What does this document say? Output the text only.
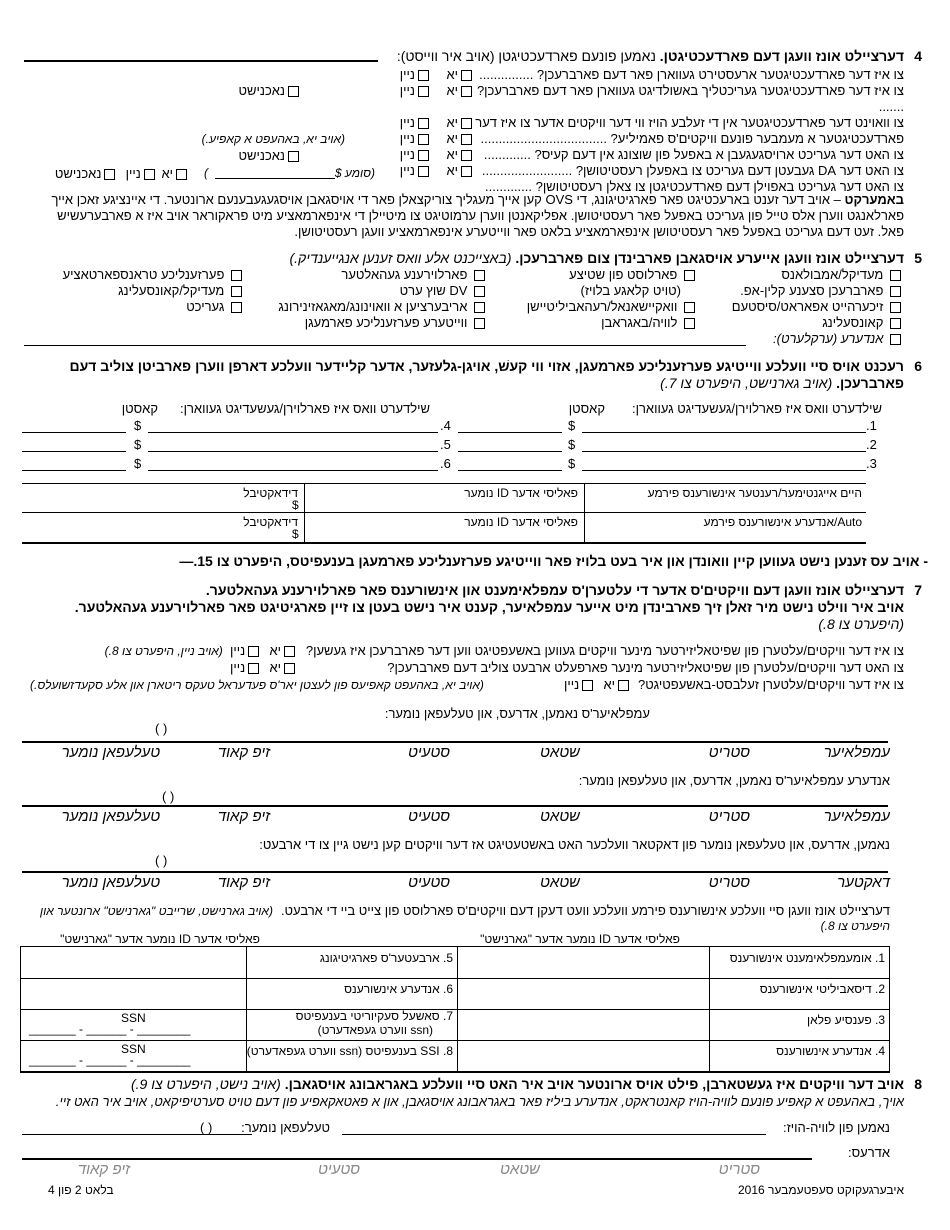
4
דערציילט אונז וועגן דעם פארדעכטיגטן. נאמען פונעם פארדעכטיגטן (אויב איר ווייסט):
צו איז דער פארדעכטיגטער ארעסטירט געווארן פאר דעם פארברעכן? ...............
צו איז דער פארדעכטיגטער געריכטליך באשולדיגט געווארן פאר דעם פארברעכן? .......
צו וואוינט דער פארדעכטיגטער אין די זעלבע הויז ווי דער וויקטים אדער צו איז דער
פארדעכטיגטער א מעמבער פונעם וויקטים'ס פאמיליע? ...................................
צו האט דער געריכט ארויסגעגעבן א באפעל פון שוצונג אין דעם קעיס? .............
צו האט דער DA געבעטן דעם געריכט צו באפעלן רעסטיטושן? .........................
צו האט דער געריכט באפוילן דעם פארדעכטיגטן צו צאלן רעסטיטושן? .............
יא    ניין
יא    ניין

יא    ניין
יא    ניין
יא    ניין
יא    ניין
נאכנישט
(אויב יא, באהעפט א קאפיע.)
נאכנישט
(סומע $
)
יא ניין  נאכנישט
באמערקט – אויב דער זענט בארעכטיגט פאר פארגיטיגונג, די OVS קען אייך מעגליך צוריקצאלן פאר די אויסגאבן אויסגעגעבענעם ארונטער. די איינציגע זאכן אייך
פארלאנגט ווערן אלס טייל פון געריכט באפעל פאר רעסטיטושן. אפליקאנטן ווערן ערמוטיגט צו מיטיילן די אינפארמאציע מיט פראקוראר אויב איז א פארבערעשיש
פאל. זעט דעם געריכט באפעל פאר רעסטיטושן אינפארמאציע בלאט פאר ווייטערע אינפארמאציע וועגן רעסטיטושן.
5
דערציילט אונז וועגן אייערע אויסגאבן פארבינדן צום פארברעכן. (באצייכנט אלע וואס זענען אנגייענדיק.)
מעדיקל/אמבולאנס
פארברעכן סצענע קלין-אפ.
זיכערהייט אפאראט/סיסטעם
קאונסעלינג
אנדערע (ערקלערט):
פארלוסט פון שטיצע
(טויט קלאגע בלויז)
וואקיישאנאל/רעהאביליטיישן
לוויה/באגראבן
פארלוירענע געהאלטער
DV שוץ ערט
אריבערציען א וואוינונג/מאגאזינירונג
ווייטערע פערזענליכע פארמעגן
פערזענליכע טראנספארטאציע
מעדיקל/קאונסעלינג
געריכט
6
רעכנט אויס סיי וועלכע ווייטיגע פערזענליכע פארמעגן, אזוי ווי קעשׁ, אויגן-גלעזער, אדער קליידער וועלכע דארפן ווערן פארביטן צוליב דעם
פארברעכן. (אויב גארנישט, היפערט צו 7.)
שילדערט וואס איז פארלוירן/געשעדיגט געווארן:
קאסטן
שילדערט וואס איז פארלוירן/געשעדיגט געווארן:
קאסטן
1.
$
2.
$
3.
$
4.
$
5.
$
6.
$
היים אייגנטימער/רענטער אינשורענס פירמע
פאליסי אדער ID נומער
דידאקטיבל
$
Auto/אנדערע אינשורענס פירמע
פאליסי אדער ID נומער
דידאקטיבל
$
- אויב עס זענען נישט געווען קיין וואונדן און איר בעט בלויז פאר ווייטיגע פערזענליכע פארמעגן בענעפיטס, היפערט צו 15.—
7
דערציילט אונז וועגן דעם וויקטים'ס אדער די עלטערן'ס עמפלאימענט און אינשורענס פאר פארלוירענע געהאלטער.
אויב איר ווילט נישט מיר זאלן זיך פארבינדן מיט אייער עמפלאיער, קענט איר נישט בעטן צו זיין פארגיטיגט פאר פארלוירענע געהאלטער.
(היפערט צו 8.)
צו איז דער וויקטים/עלטערן פון שפיטאליזירטער מינער וויקטים געווען באשעפטיגט ווען דער פארברעכן איז געשען?
צו האט דער וויקטים/עלטערן פון שפיטאליזירטער מינער פארפעלט ארבעט צוליב דעם פארברעכן?
צו איז דער וויקטים/עלטערן זעלבסט-באשעפטיגט?
יא  ניין  (אויב ניין, היפערט צו 8.)
יא  ניין
יא  ניין
(אויב יא, באהעפט קאפיעס פון לעצטן יאר'ס פעדעראל טעקס ריטארן און אלע סקעדזשועלס.)
עמפלאיער'ס נאמען, אדרעס, און טעלעפאן נומער:
( )
עמפלאיער
סטריט
שטאט
סטעיט
זיפ קאוד
טעלעפאן נומער
אנדערע עמפלאיער'ס נאמען, אדרעס, און טעלעפאן נומער:
( )
עמפלאיער
סטריט
שטאט
סטעיט
זיפ קאוד
טעלעפאן נומער
נאמען, אדרעס, און טעלעפאן נומער פון דאקטאר וועלכער האט באשטעטיגט אז דער וויקטים קען נישט גיין צו די ארבעט:
( )
דאקטער
סטריט
שטאט
סטעיט
זיפ קאוד
טעלעפאן נומער
דערציילט אונז וועגן סיי וועלכע אינשורענס פירמע וועלכע וועט דעקן דעם וויקטים'ס פארלוסט פון צייט ביי די ארבעט.
(אויב גארנישט, שרייבט "גארנישט" ארונטער און
היפערט צו 8.)
פאליסי אדער ID נומער אדער "גארנישט"
פאליסי אדער ID נומער אדער "גארנישט"
1. אומעמפלאימענט אינשורענס
2. דיסאביליטי אינשורענס
3. פענסיע פלאן
4. אנדערע אינשורענס
5. ארבעטער'ס פארגיטיגונג
6. אנדערע אינשורענס
7. סאשעל סעקיוריטי בענעפיטס
(ssn ווערט געפאדערט)
8. SSI בענעפיטס (ssn ווערט געפאדערט)
SSN
_______ - ______ - ________
SSN
_______ - ______ - ________
8
אויב דער וויקטים איז געשטארבן, פילט אויס ארונטער אויב איר האט סיי וועלכע באגראבונג אויסגאבן. (אויב נישט, היפערט צו 9.)
אויך, באהעפט א קאפיע פונעם לוויה-הויז קאנטראקט, אנדערע ביליז פאר באגראבונג אויסגאבן, און א פאטאקאפיע פון דעם טויט סערטיפיקאט, אויב איר האט זיי.
נאמען פון לוויה-הויז:
טעלעפאן נומער:
( )
אדרעס:
סטריט
שטאט
סטעיט
זיפ קאוד
איבערגעקוקט סעפטעמבער 2016
בלאט 2 פון 4
